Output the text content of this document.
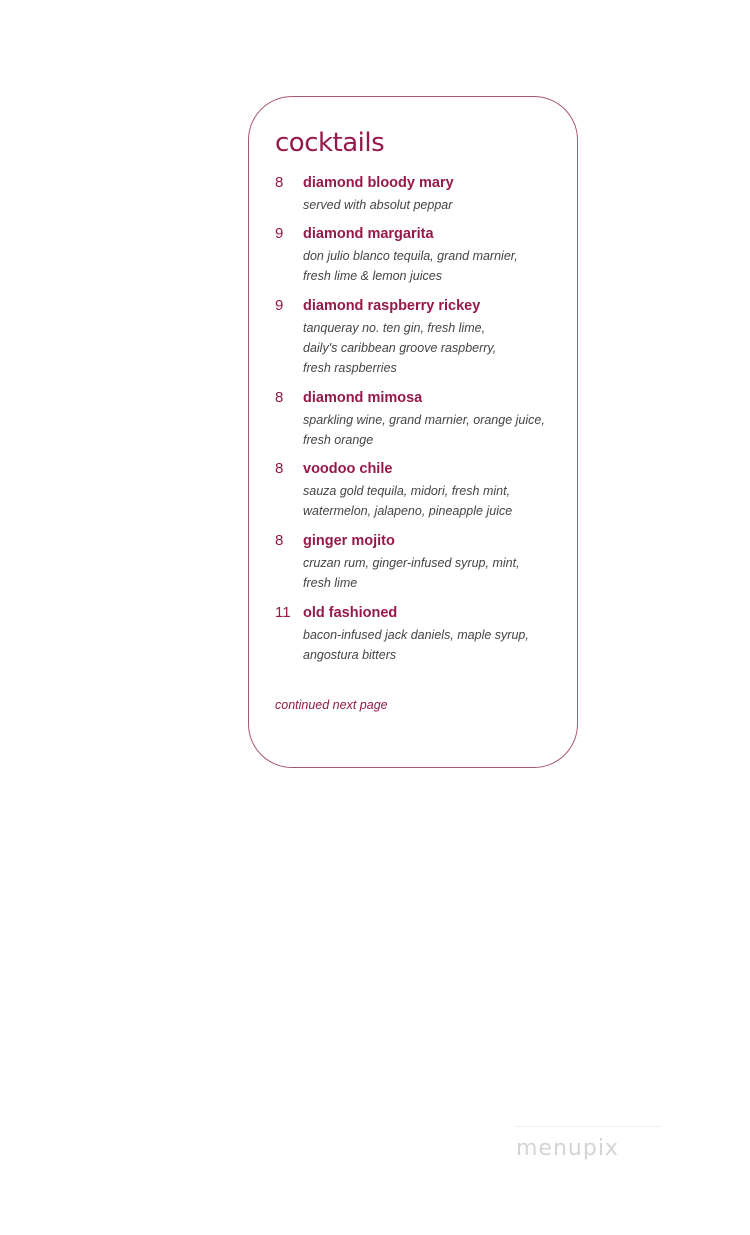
cocktails
8 diamond bloody mary
served with absolut peppar
9 diamond margarita
don julio blanco tequila, grand marnier,
fresh lime & lemon juices
9 diamond raspberry rickey
tanqueray no. ten gin, fresh lime,
daily's caribbean groove raspberry,
fresh raspberries
8 diamond mimosa
sparkling wine, grand marnier, orange juice,
fresh orange
8 voodoo chile
sauza gold tequila, midori, fresh mint,
watermelon, jalapeno, pineapple juice
8 ginger mojito
cruzan rum, ginger-infused syrup, mint,
fresh lime
11 old fashioned
bacon-infused jack daniels, maple syrup,
angostura bitters
continued next page
menupix
